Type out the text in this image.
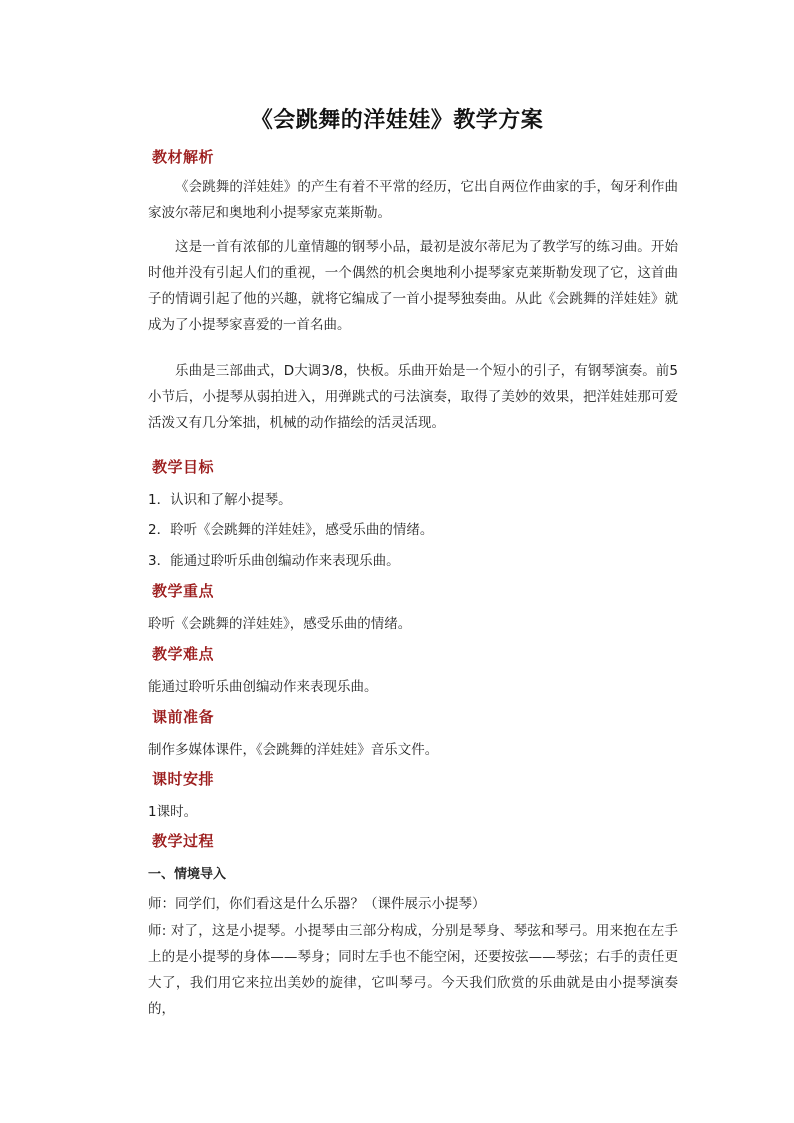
《会跳舞的洋娃娃》教学方案
教材解析
《会跳舞的洋娃娃》的产生有着不平常的经历，它出自两位作曲家的手，匈牙利作曲家波尔蒂尼和奥地利小提琴家克莱斯勒。
这是一首有浓郁的儿童情趣的钢琴小品，最初是波尔蒂尼为了教学写的练习曲。开始时他并没有引起人们的重视，一个偶然的机会奥地利小提琴家克莱斯勒发现了它，这首曲子的情调引起了他的兴趣，就将它编成了一首小提琴独奏曲。从此《会跳舞的洋娃娃》就成为了小提琴家喜爱的一首名曲。
乐曲是三部曲式，D大调3/8，快板。乐曲开始是一个短小的引子，有钢琴演奏。前5小节后，小提琴从弱拍进入，用弹跳式的弓法演奏，取得了美妙的效果，把洋娃娃那可爱活泼又有几分笨拙，机械的动作描绘的活灵活现。
教学目标
1．认识和了解小提琴。
2．聆听《会跳舞的洋娃娃》，感受乐曲的情绪。
3．能通过聆听乐曲创编动作来表现乐曲。
教学重点
聆听《会跳舞的洋娃娃》，感受乐曲的情绪。
教学难点
能通过聆听乐曲创编动作来表现乐曲。
课前准备
制作多媒体课件，《会跳舞的洋娃娃》音乐文件。
课时安排
1课时。
教学过程
一、情境导入
师：同学们，你们看这是什么乐器？（课件展示小提琴）
师: 对了，这是小提琴。小提琴由三部分构成，分别是琴身、琴弦和琴弓。用来抱在左手上的是小提琴的身体——琴身；同时左手也不能空闲，还要按弦——琴弦；右手的责任更大了，我们用它来拉出美妙的旋律，它叫琴弓。今天我们欣赏的乐曲就是由小提琴演奏的，
